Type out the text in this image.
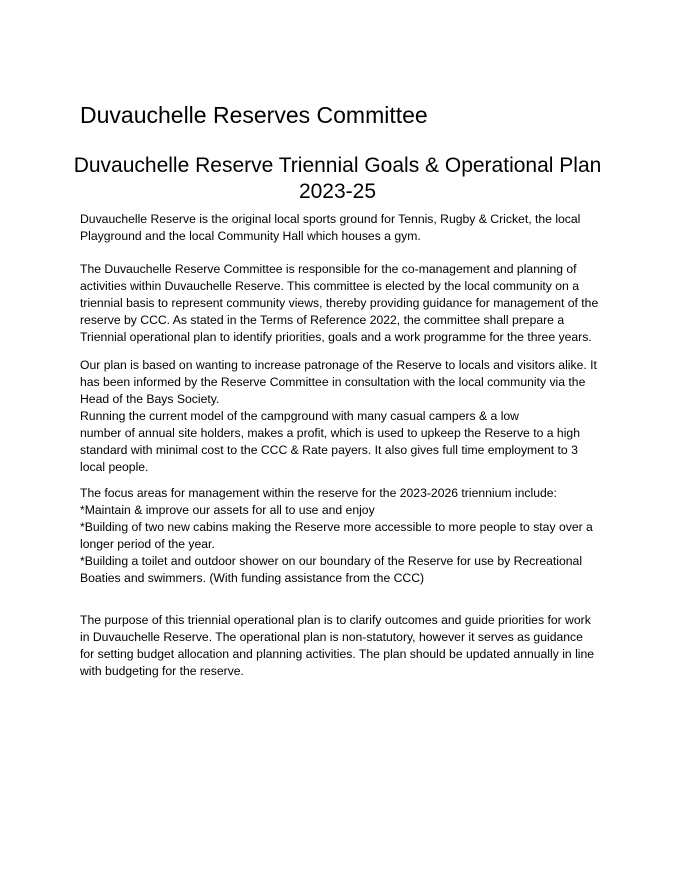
Duvauchelle Reserves Committee
Duvauchelle Reserve Triennial Goals & Operational Plan
2023-25

Duvauchelle Reserve is the original local sports ground for Tennis, Rugby & Cricket, the local
Playground and the local Community Hall which houses a gym.

The Duvauchelle Reserve Committee is responsible for the co-management and planning of
activities within Duvauchelle Reserve. This committee is elected by the local community on a
triennial basis to represent community views, thereby providing guidance for management of the
reserve by CCC. As stated in the Terms of Reference 2022, the committee shall prepare a
Triennial operational plan to identify priorities, goals and a work programme for the three years.

Our plan is based on wanting to increase patronage of the Reserve to locals and visitors alike. It
has been informed by the Reserve Committee in consultation with the local community via the
Head of the Bays Society.
Running the current model of the campground with many casual campers & a low
number of annual site holders, makes a profit, which is used to upkeep the Reserve to a high
standard with minimal cost to the CCC & Rate payers. It also gives full time employment to 3
local people.

The focus areas for management within the reserve for the 2023-2026 triennium include:
*Maintain & improve our assets for all to use and enjoy
*Building of two new cabins making the Reserve more accessible to more people to stay over a
longer period of the year.
*Building a toilet and outdoor shower on our boundary of the Reserve for use by Recreational
Boaties and swimmers. (With funding assistance from the CCC)

The purpose of this triennial operational plan is to clarify outcomes and guide priorities for work
in Duvauchelle Reserve. The operational plan is non-statutory, however it serves as guidance
for setting budget allocation and planning activities. The plan should be updated annually in line
with budgeting for the reserve.
